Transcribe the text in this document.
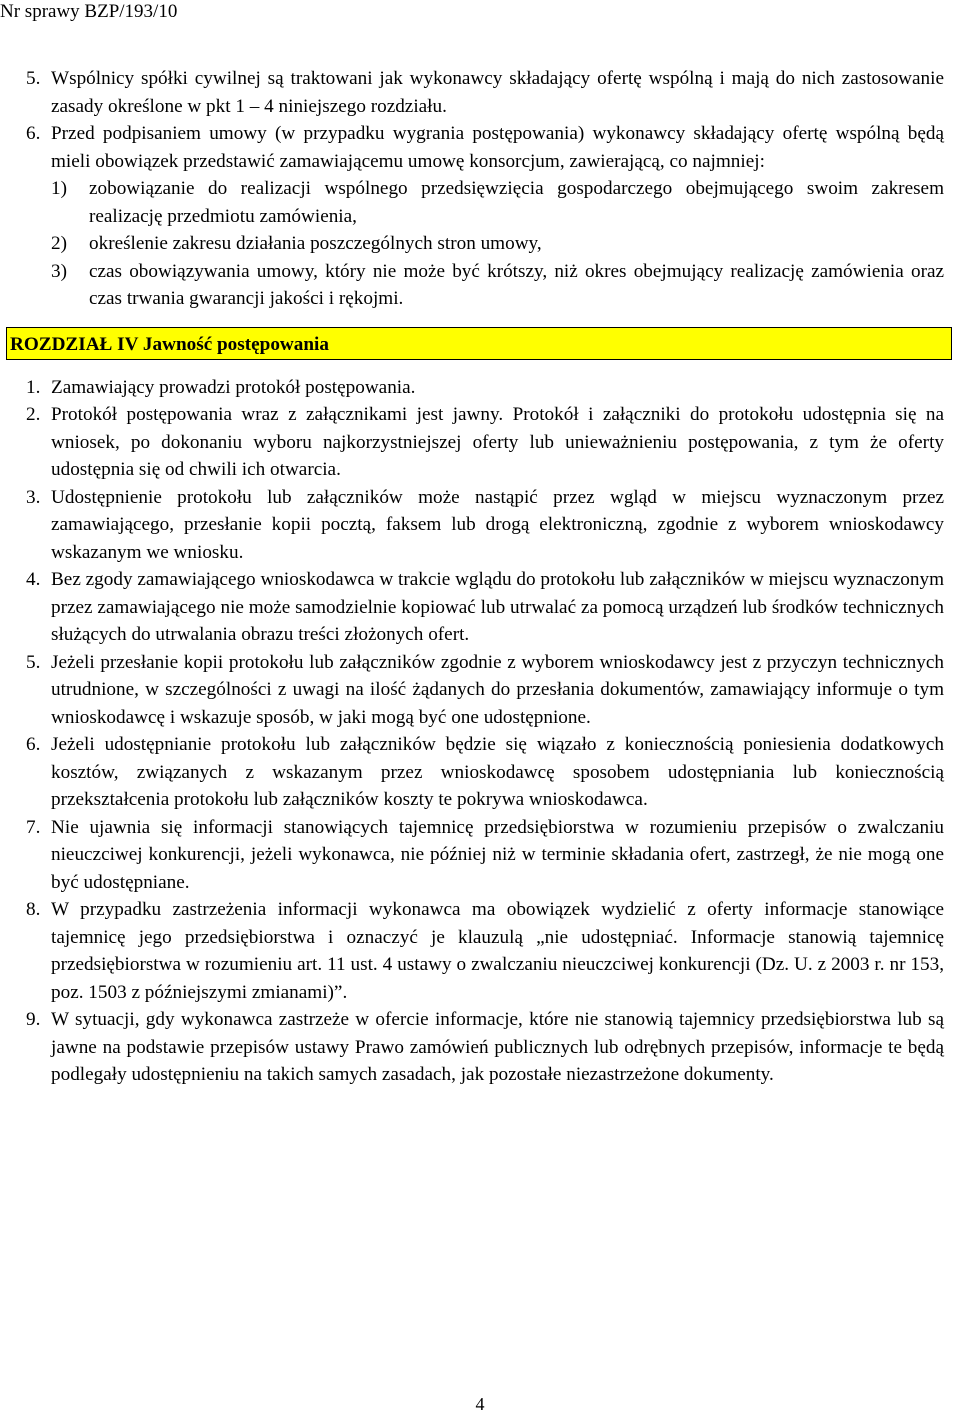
Nr sprawy BZP/193/10
5. Wspólnicy spółki cywilnej są traktowani jak wykonawcy składający ofertę wspólną i mają do nich zastosowanie zasady określone w pkt 1 – 4 niniejszego rozdziału.
6. Przed podpisaniem umowy (w przypadku wygrania postępowania) wykonawcy składający ofertę wspólną będą mieli obowiązek przedstawić zamawiającemu umowę konsorcjum, zawierającą, co najmniej:
1)	zobowiązanie do realizacji wspólnego przedsięwzięcia gospodarczego obejmującego swoim zakresem realizację przedmiotu zamówienia,
2)	określenie zakresu działania poszczególnych stron umowy,
3)	czas obowiązywania umowy, który nie może być krótszy, niż okres obejmujący realizację zamówienia oraz czas trwania gwarancji jakości i rękojmi.
ROZDZIAŁ IV Jawność postępowania
1. Zamawiający prowadzi protokół postępowania.
2. Protokół postępowania wraz z załącznikami jest jawny. Protokół i załączniki do protokołu udostępnia się na wniosek, po dokonaniu wyboru najkorzystniejszej oferty lub unieważnieniu postępowania, z tym że oferty udostępnia się od chwili ich otwarcia.
3. Udostępnienie protokołu lub załączników może nastąpić przez wgląd w miejscu wyznaczonym przez zamawiającego, przesłanie kopii pocztą, faksem lub drogą elektroniczną, zgodnie z wyborem wnioskodawcy wskazanym we wniosku.
4. Bez zgody zamawiającego wnioskodawca w trakcie wglądu do protokołu lub załączników w miejscu wyznaczonym przez zamawiającego nie może samodzielnie kopiować lub utrwalać za pomocą urządzeń lub środków technicznych służących do utrwalania obrazu treści złożonych ofert.
5. Jeżeli przesłanie kopii protokołu lub załączników zgodnie z wyborem wnioskodawcy jest z przyczyn technicznych utrudnione, w szczególności z uwagi na ilość żądanych do przesłania dokumentów, zamawiający informuje o tym wnioskodawcę i wskazuje sposób, w jaki mogą być one udostępnione.
6. Jeżeli udostępnianie protokołu lub załączników będzie się wiązało z koniecznością poniesienia dodatkowych kosztów, związanych z wskazanym przez wnioskodawcę sposobem udostępniania lub koniecznością przekształcenia protokołu lub załączników koszty te pokrywa wnioskodawca.
7. Nie ujawnia się informacji stanowiących tajemnicę przedsiębiorstwa w rozumieniu przepisów o zwalczaniu nieuczciwej konkurencji, jeżeli wykonawca, nie później niż w terminie składania ofert, zastrzegł, że nie mogą one być udostępniane.
8. W przypadku zastrzeżenia informacji wykonawca ma obowiązek wydzielić z oferty informacje stanowiące tajemnicę jego przedsiębiorstwa i oznaczyć je klauzulą „nie udostępniać. Informacje stanowią tajemnicę przedsiębiorstwa w rozumieniu art. 11 ust. 4 ustawy o zwalczaniu nieuczciwej konkurencji (Dz. U. z 2003 r. nr 153, poz. 1503 z późniejszymi zmianami)”.
9. W sytuacji, gdy wykonawca zastrzeże w ofercie informacje, które nie stanowią tajemnicy przedsiębiorstwa lub są jawne na podstawie przepisów ustawy Prawo zamówień publicznych lub odrębnych przepisów, informacje te będą podlegały udostępnieniu na takich samych zasadach, jak pozostałe niezastrzeżone dokumenty.
4
